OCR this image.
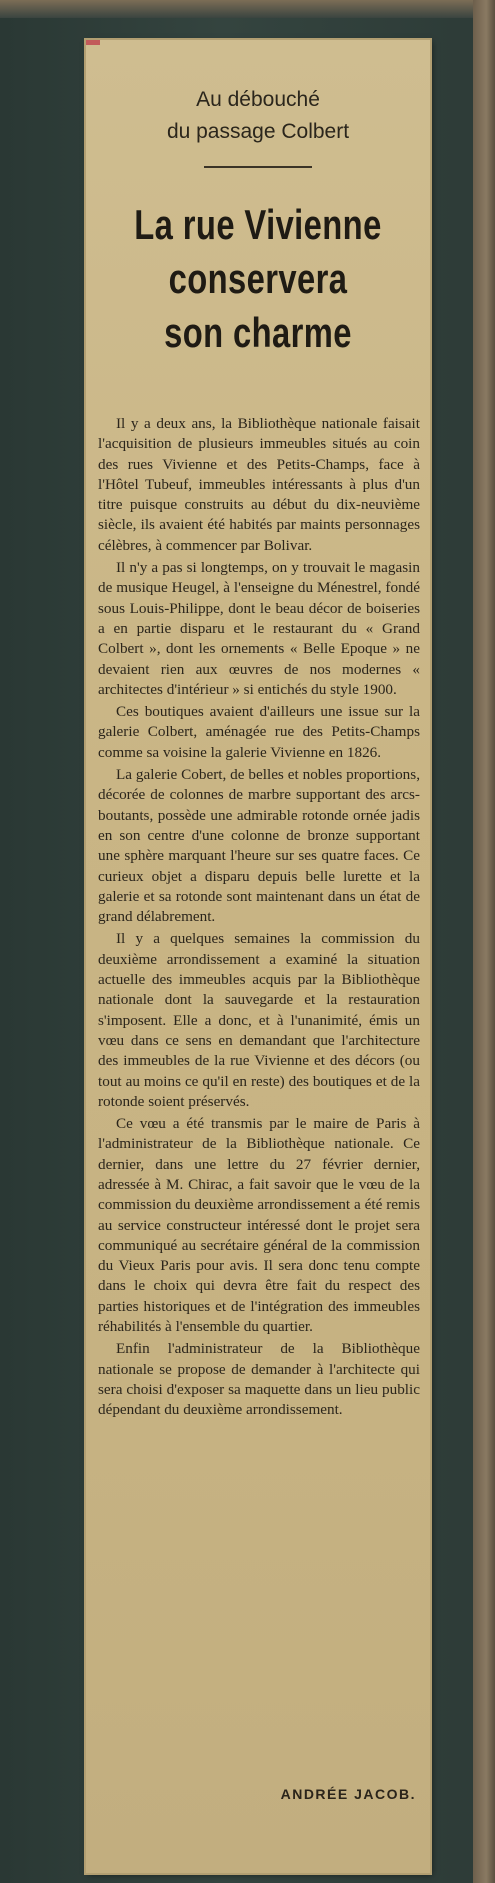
Au débouché
du passage Colbert
La rue Vivienne
conservera
son charme

Il y a deux ans, la Bibliothèque nationale faisait l'acquisition de plusieurs immeubles situés au coin des rues Vivienne et des Petits-Champs, face à l'Hôtel Tubeuf, immeubles intéressants à plus d'un titre puisque construits au début du dix-neuvième siècle, ils avaient été habités par maints personnages célèbres, à commencer par Bolivar.

Il n'y a pas si longtemps, on y trouvait le magasin de musique Heugel, à l'enseigne du Ménestrel, fondé sous Louis-Philippe, dont le beau décor de boiseries a en partie disparu et le restaurant du « Grand Colbert », dont les ornements « Belle Epoque » ne devaient rien aux œuvres de nos modernes « architectes d'intérieur » si entichés du style 1900.

Ces boutiques avaient d'ailleurs une issue sur la galerie Colbert, aménagée rue des Petits-Champs comme sa voisine la galerie Vivienne en 1826.

La galerie Cobert, de belles et nobles proportions, décorée de colonnes de marbre supportant des arcs-boutants, possède une admirable rotonde ornée jadis en son centre d'une colonne de bronze supportant une sphère marquant l'heure sur ses quatre faces. Ce curieux objet a disparu depuis belle lurette et la galerie et sa rotonde sont maintenant dans un état de grand délabrement.

Il y a quelques semaines la commission du deuxième arrondissement a examiné la situation actuelle des immeubles acquis par la Bibliothèque nationale dont la sauvegarde et la restauration s'imposent. Elle a donc, et à l'unanimité, émis un vœu dans ce sens en demandant que l'architecture des immeubles de la rue Vivienne et des décors (ou tout au moins ce qu'il en reste) des boutiques et de la rotonde soient préservés.

Ce vœu a été transmis par le maire de Paris à l'administrateur de la Bibliothèque nationale. Ce dernier, dans une lettre du 27 février dernier, adressée à M. Chirac, a fait savoir que le vœu de la commission du deuxième arrondissement a été remis au service constructeur intéressé dont le projet sera communiqué au secrétaire général de la commission du Vieux Paris pour avis. Il sera donc tenu compte dans le choix qui devra être fait du respect des parties historiques et de l'intégration des immeubles réhabilités à l'ensemble du quartier.

Enfin l'administrateur de la Bibliothèque nationale se propose de demander à l'architecte qui sera choisi d'exposer sa maquette dans un lieu public dépendant du deuxième arrondissement.

ANDRÉE JACOB.
